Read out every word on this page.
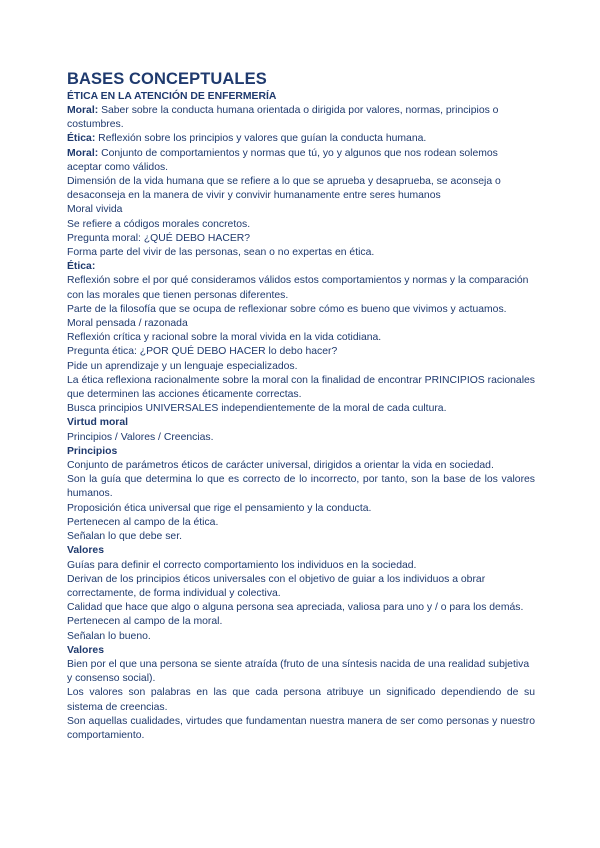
BASES CONCEPTUALES

ÉTICA EN LA ATENCIÓN DE ENFERMERÍA

Moral: Saber sobre la conducta humana orientada o dirigida por valores, normas, principios o costumbres.

Ética: Reflexión sobre los principios y valores que guían la conducta humana.

Moral: Conjunto de comportamientos y normas que tú, yo y algunos que nos rodean solemos aceptar como válidos.

Dimensión de la vida humana que se refiere a lo que se aprueba y desaprueba, se aconseja o desaconseja en la manera de vivir y convivir humanamente entre seres humanos

Moral vivida

Se refiere a códigos morales concretos.

Pregunta moral: ¿QUÉ DEBO HACER?

Forma parte del vivir de las personas, sean o no expertas en ética.

Ética:

Reflexión sobre el por qué consideramos válidos estos comportamientos y normas y la comparación con las morales que tienen personas diferentes.

Parte de la filosofía que se ocupa de reflexionar sobre cómo es bueno que vivimos y actuamos.

Moral pensada / razonada

Reflexión crítica y racional sobre la moral vivida en la vida cotidiana.

Pregunta ética: ¿POR QUÉ DEBO HACER lo debo hacer?

Pide un aprendizaje y un lenguaje especializados.

La ética reflexiona racionalmente sobre la moral con la finalidad de encontrar PRINCIPIOS racionales que determinen las acciones éticamente correctas.

Busca principios UNIVERSALES independientemente de la moral de cada cultura.

Virtud moral

Principios / Valores / Creencias.

Principios

Conjunto de parámetros éticos de carácter universal, dirigidos a orientar la vida en sociedad.

Son la guía que determina lo que es correcto de lo incorrecto, por tanto, son la base de los valores humanos.

Proposición ética universal que rige el pensamiento y la conducta.

Pertenecen al campo de la ética.

Señalan lo que debe ser.

Valores

Guías para definir el correcto comportamiento los individuos en la sociedad.

Derivan de los principios éticos universales con el objetivo de guiar a los individuos a obrar correctamente, de forma individual y colectiva.

Calidad que hace que algo o alguna persona sea apreciada, valiosa para uno y / o para los demás.

Pertenecen al campo de la moral.

Señalan lo bueno.

Valores

Bien por el que una persona se siente atraída (fruto de una síntesis nacida de una realidad subjetiva y consenso social).

Los valores son palabras en las que cada persona atribuye un significado dependiendo de su sistema de creencias.

Son aquellas cualidades, virtudes que fundamentan nuestra manera de ser como personas y nuestro comportamiento.
